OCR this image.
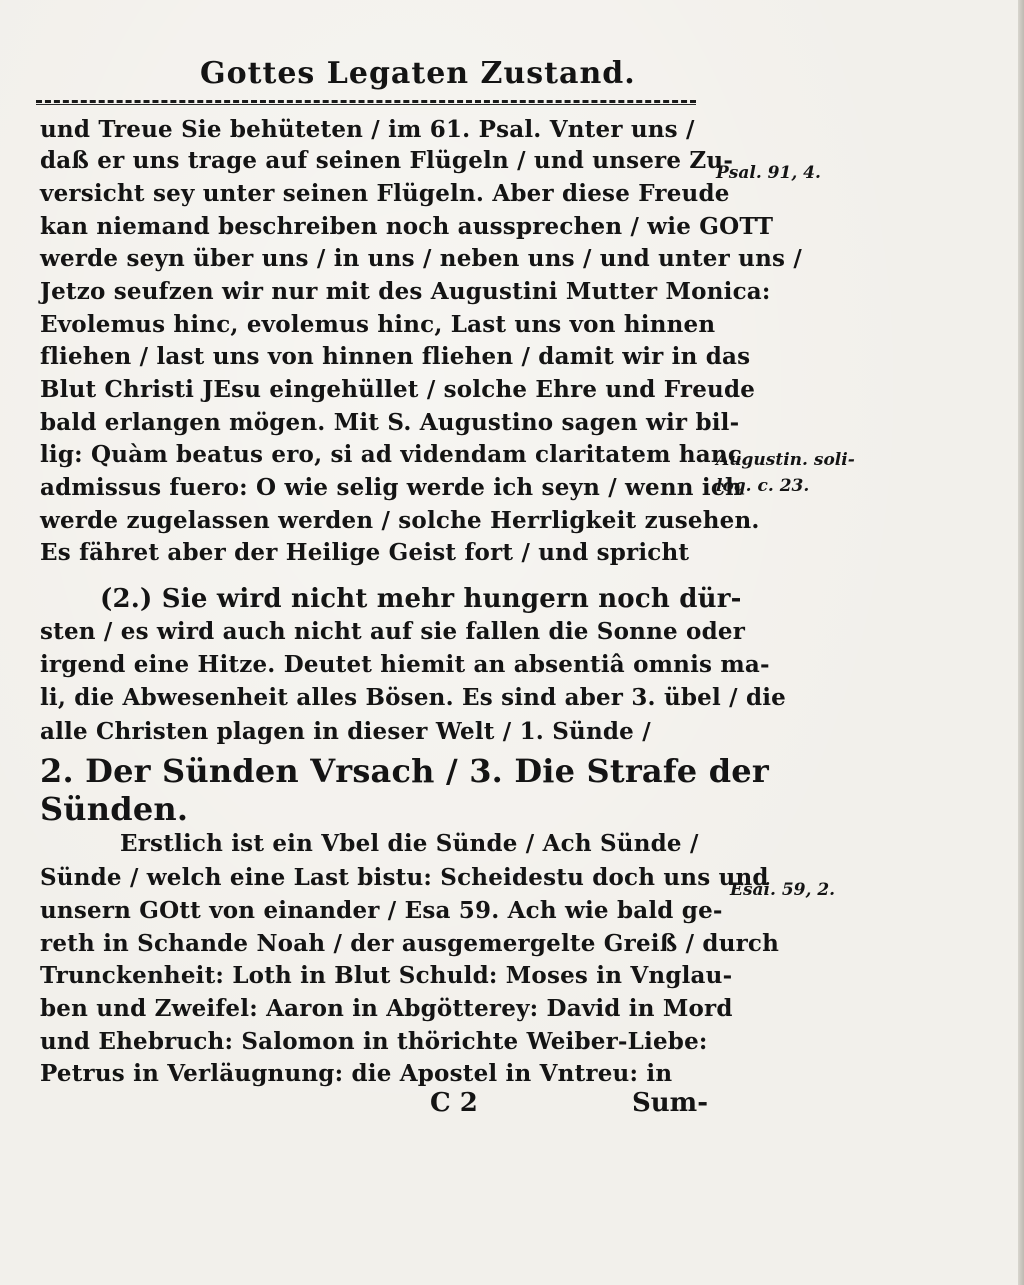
Gottes Legaten Zustand.
und Treue Sie behüteten / im 61. Psal. Vnter uns /
daß er uns trage auf seinen Flügeln / und unsere Zu-
versicht sey unter seinen Flügeln. Aber diese Freude
kan niemand beschreiben noch aussprechen / wie GOTT
werde seyn über uns / in uns / neben uns / und unter uns /
Jetzo seufzen wir nur mit des Augustini Mutter Monica:
Evolemus hinc, evolemus hinc, Last uns von hinnen
fliehen / last uns von hinnen fliehen / damit wir in das
Blut Christi JEsu eingehüllet / solche Ehre und Freude
bald erlangen mögen. Mit S. Augustino sagen wir bil-
lig: Quàm beatus ero, si ad videndam claritatem hanc
admissus fuero: O wie selig werde ich seyn / wenn ich
werde zugelassen werden / solche Herrligkeit zusehen.
Es fähret aber der Heilige Geist fort / und spricht
(2.) Sie wird nicht mehr hungern noch dür-
sten / es wird auch nicht auf sie fallen die Sonne oder
irgend eine Hitze. Deutet hiemit an absentiâ omnis ma-
li, die Abwesenheit alles Bösen. Es sind aber 3. übel / die
alle Christen plagen in dieser Welt / 1. Sünde /
2. Der Sünden Vrsach / 3. Die Strafe der
Sünden.
Erstlich ist ein Vbel die Sünde / Ach Sünde /
Sünde / welch eine Last bistu: Scheidestu doch uns und
unsern GOtt von einander / Esa 59. Ach wie bald ge-
reth in Schande Noah / der ausgemergelte Greiß / durch
Trunckenheit: Loth in Blut Schuld: Moses in Vnglau-
ben und Zweifel: Aaron in Abgötterey: David in Mord
und Ehebruch: Salomon in thörichte Weiber-Liebe:
Petrus in Verläugnung: die Apostel in Vntreu: in
Psal. 91, 4.
Augustin. soli-
loq. c. 23.
Esai. 59, 2.
C 2	Sum-
